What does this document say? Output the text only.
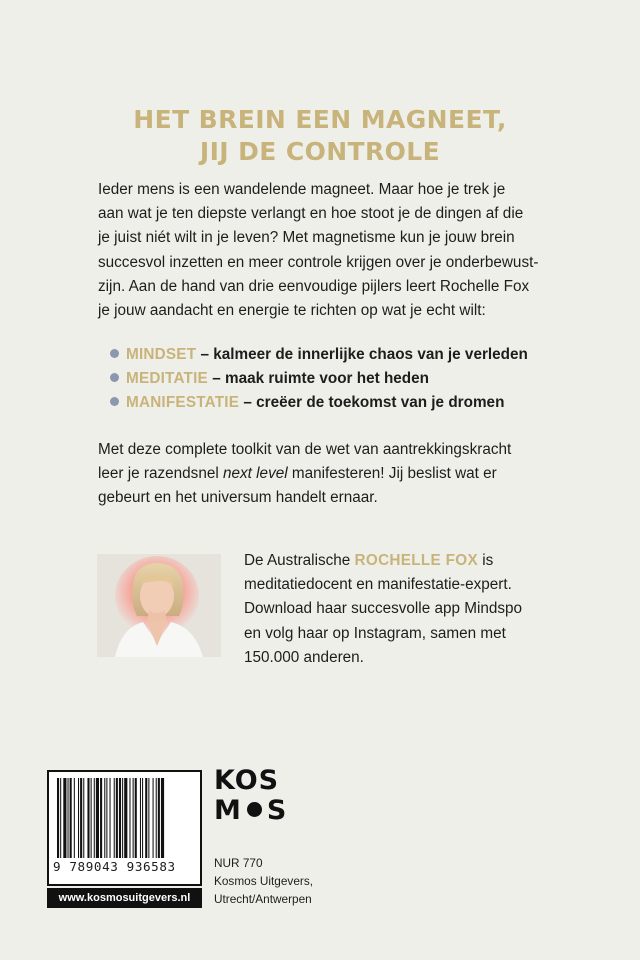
HET BREIN EEN MAGNEET,
JIJ DE CONTROLE
Ieder mens is een wandelende magneet. Maar hoe je trek je
aan wat je ten diepste verlangt en hoe stoot je de dingen af die
je juist niét wilt in je leven? Met magnetisme kun je jouw brein
succesvol inzetten en meer controle krijgen over je onderbewust-
zijn. Aan de hand van drie eenvoudige pijlers leert Rochelle Fox
je jouw aandacht en energie te richten op wat je echt wilt:
MINDSET – kalmeer de innerlijke chaos van je verleden
MEDITATIE – maak ruimte voor het heden
MANIFESTATIE – creëer de toekomst van je dromen
Met deze complete toolkit van de wet van aantrekkingskracht
leer je razendsnel next level manifesteren! Jij beslist wat er
gebeurt en het universum handelt ernaar.
De Australische ROCHELLE FOX is
meditatiedocent en manifestatie-expert.
Download haar succesvolle app Mindspo
en volg haar op Instagram, samen met
150.000 anderen.
9 789043 936583
www.kosmosuitgevers.nl
KOS
M S
NUR 770
Kosmos Uitgevers,
Utrecht/Antwerpen
